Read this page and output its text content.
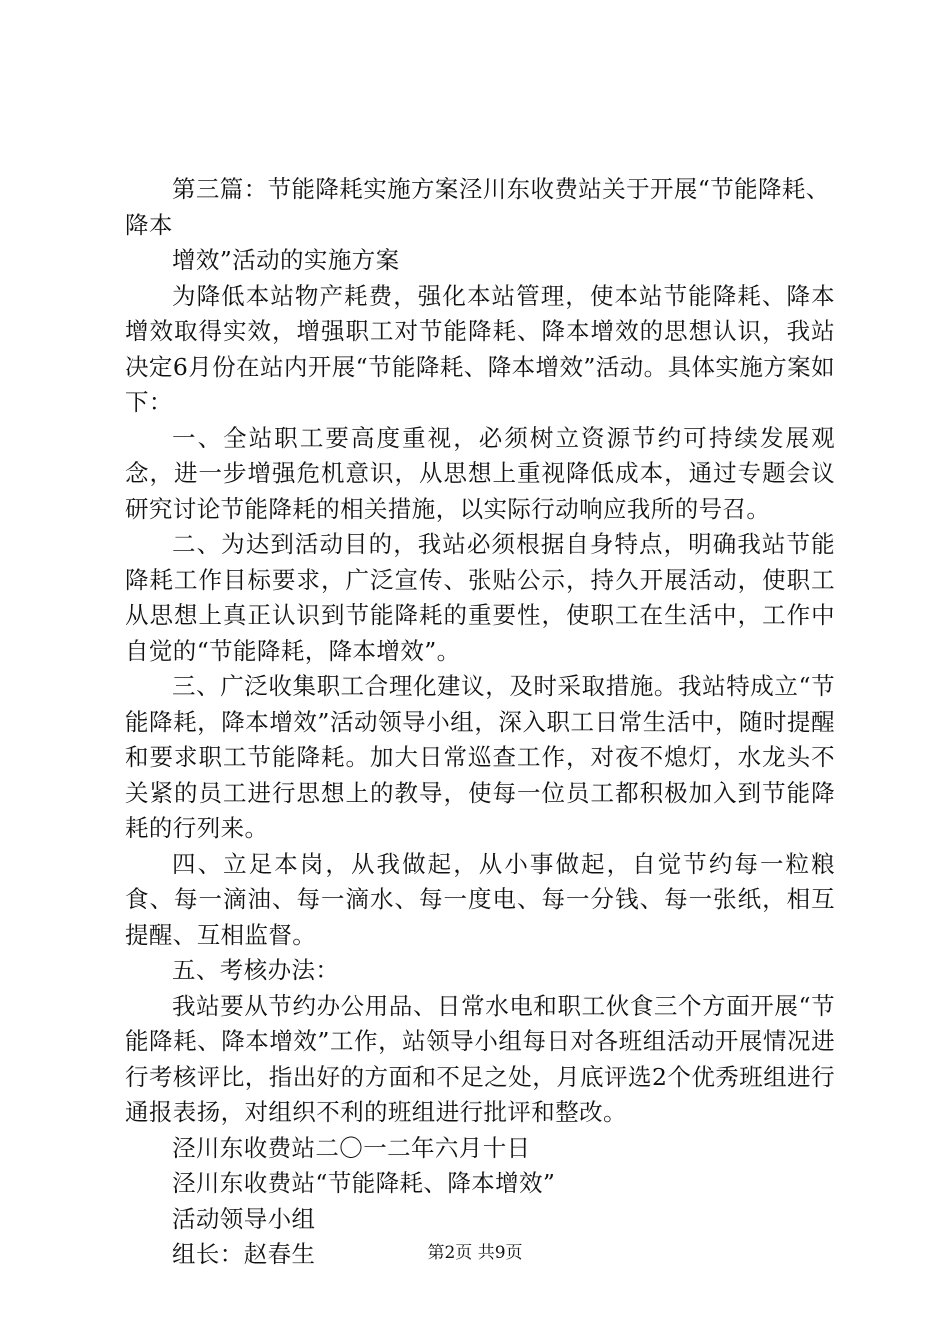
第三篇：节能降耗实施方案泾川东收费站关于开展“节能降耗、降本

增效”活动的实施方案

为降低本站物产耗费，强化本站管理，使本站节能降耗、降本增效取得实效，增强职工对节能降耗、降本增效的思想认识，我站决定6月份在站内开展“节能降耗、降本增效”活动。具体实施方案如下：

一、全站职工要高度重视，必须树立资源节约可持续发展观念，进一步增强危机意识，从思想上重视降低成本，通过专题会议研究讨论节能降耗的相关措施，以实际行动响应我所的号召。

二、为达到活动目的，我站必须根据自身特点，明确我站节能降耗工作目标要求，广泛宣传、张贴公示，持久开展活动，使职工从思想上真正认识到节能降耗的重要性，使职工在生活中，工作中自觉的“节能降耗，降本增效”。

三、广泛收集职工合理化建议，及时采取措施。我站特成立“节能降耗，降本增效”活动领导小组，深入职工日常生活中，随时提醒和要求职工节能降耗。加大日常巡查工作，对夜不熄灯，水龙头不关紧的员工进行思想上的教导，使每一位员工都积极加入到节能降耗的行列来。

四、立足本岗，从我做起，从小事做起，自觉节约每一粒粮食、每一滴油、每一滴水、每一度电、每一分钱、每一张纸，相互提醒、互相监督。

五、考核办法：

我站要从节约办公用品、日常水电和职工伙食三个方面开展“节能降耗、降本增效”工作，站领导小组每日对各班组活动开展情况进行考核评比，指出好的方面和不足之处，月底评选2个优秀班组进行通报表扬，对组织不利的班组进行批评和整改。

泾川东收费站二〇一二年六月十日

泾川东收费站“节能降耗、降本增效”

活动领导小组

组长：赵春生	第2页 共9页
